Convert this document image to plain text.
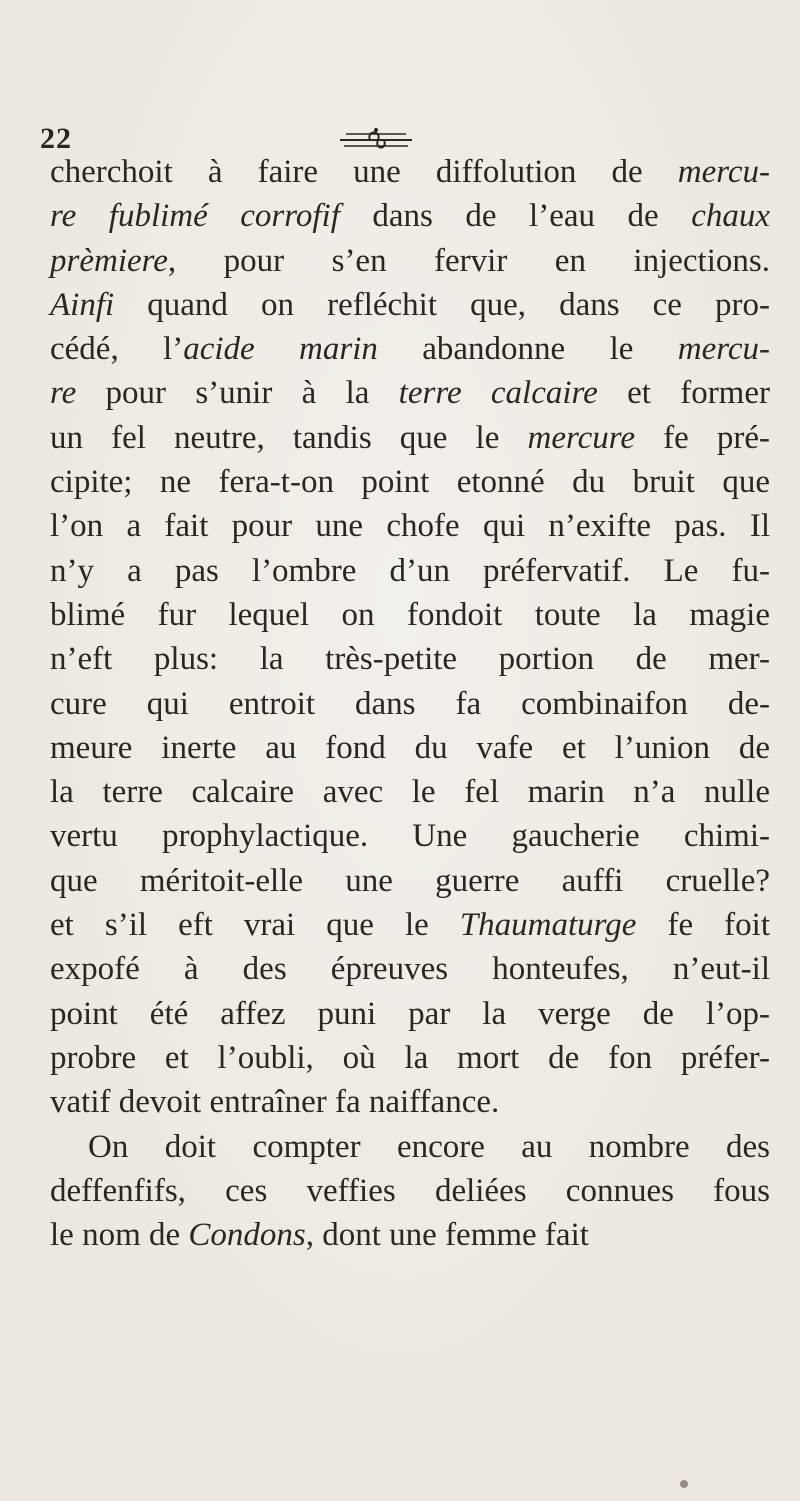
22
cherchoit à faire une diffolution de mercu-
re fublimé corrofif dans de l’eau de chaux
prèmiere, pour s’en fervir en injections.
Ainfi quand on refléchit que, dans ce pro-
cédé, l’acide marin abandonne le mercu-
re pour s’unir à la terre calcaire et former
un fel neutre, tandis que le mercure fe pré-
cipite; ne fera-t-on point etonné du bruit que
l’on a fait pour une chofe qui n’exifte pas. Il
n’y a pas l’ombre d’un préfervatif. Le fu-
blimé fur lequel on fondoit toute la magie
n’eft plus: la très-petite portion de mer-
cure qui entroit dans fa combinaifon de-
meure inerte au fond du vafe et l’union de
la terre calcaire avec le fel marin n’a nulle
vertu prophylactique. Une gaucherie chimi-
que méritoit-elle une guerre auffi cruelle?
et s’il eft vrai que le Thaumaturge fe foit
expofé à des épreuves honteufes, n’eut-il
point été affez puni par la verge de l’op-
probre et l’oubli, où la mort de fon préfer-
vatif devoit entraîner fa naiffance.
On doit compter encore au nombre des
deffenfifs, ces veffies deliées connues fous
le nom de Condons, dont une femme fait
